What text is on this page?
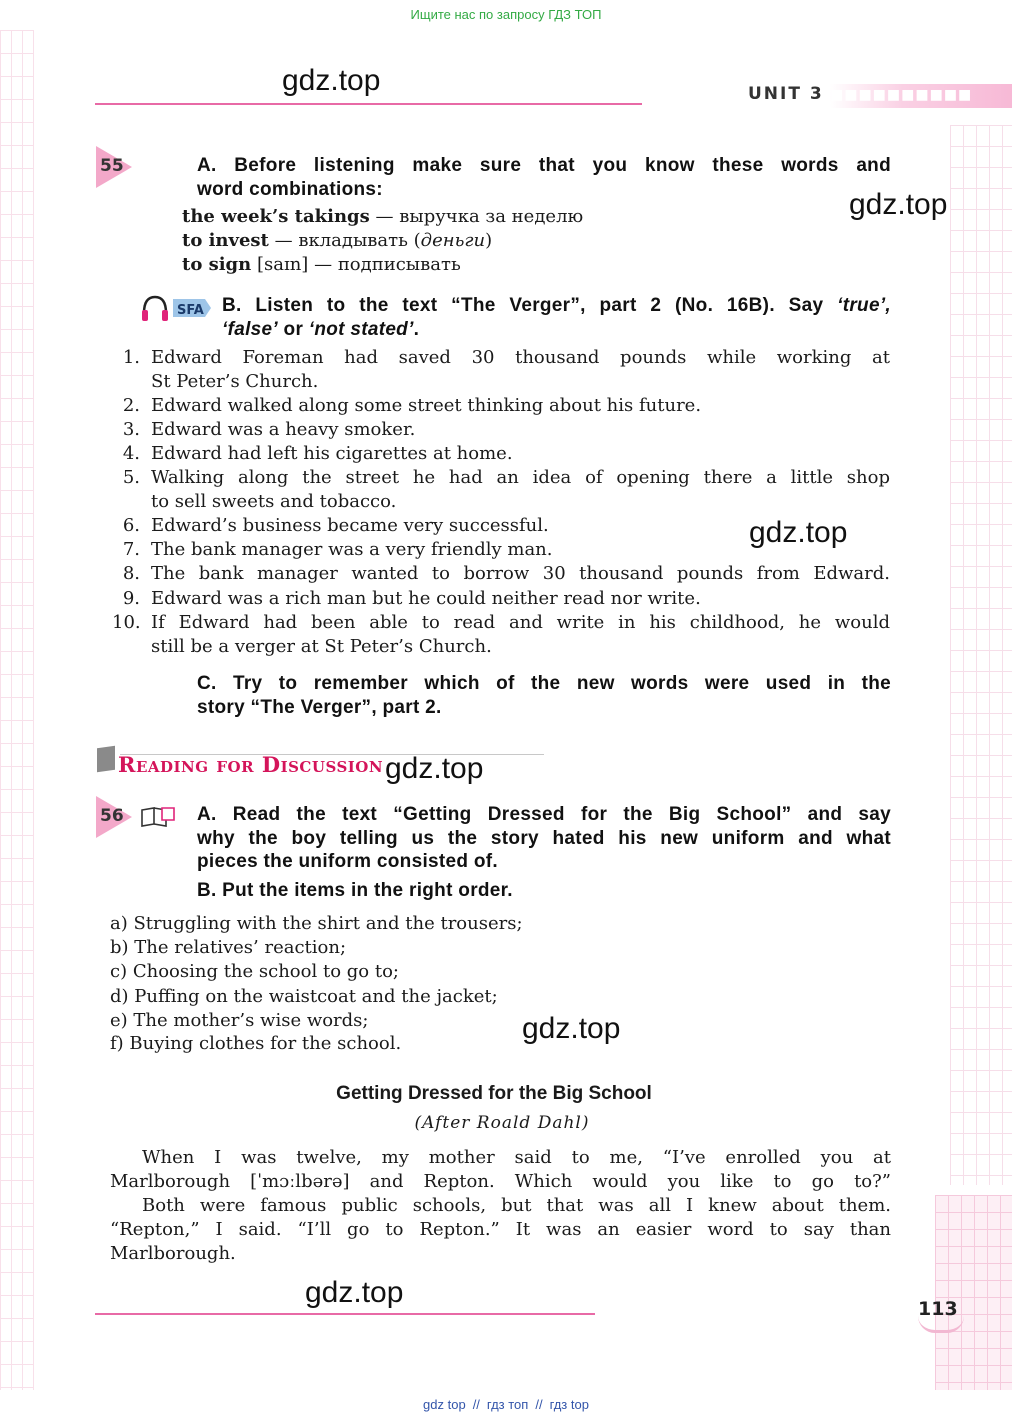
Ищите нас по запросу ГДЗ ТОП
gdz.top	■■■■■■■■■■
UNIT 3
55	A. Before listening make sure that you know these words and
word combinations:	gdz.top
the week’s takings — выручка за неделю
to invest — вкладывать (деньги)
to sign [saɪn] — подписывать
SFA B. Listen to the text “The Verger”, part 2 (No. 16B). Say ‘true’,
‘false’ or ‘not stated’.
1. Edward Foreman had saved 30 thousand pounds while working at
St Peter’s Church.
2. Edward walked along some street thinking about his future.
3. Edward was a heavy smoker.
4. Edward had left his cigarettes at home.
5. Walking along the street he had an idea of opening there a little shop
to sell sweets and tobacco.
6. Edward’s business became very successful.	gdz.top
7. The bank manager was a very friendly man.
8. The bank manager wanted to borrow 30 thousand pounds from Edward.
9. Edward was a rich man but he could neither read nor write.
10. If Edward had been able to read and write in his childhood, he would
still be a verger at St Peter’s Church.
C. Try to remember which of the new words were used in the
story “The Verger”, part 2.
Reading for Discussion gdz.top
56	A. Read the text “Getting Dressed for the Big School” and say
why the boy telling us the story hated his new uniform and what
pieces the uniform consisted of.
B. Put the items in the right order.
a) Struggling with the shirt and the trousers;
b) The relatives’ reaction;
c) Choosing the school to go to;
d) Puffing on the waistcoat and the jacket;
e) The mother’s wise words;
f) Buying clothes for the school.	gdz.top
Getting Dressed for the Big School
(After Roald Dahl)
When I was twelve, my mother said to me, “I’ve enrolled you at
Marlborough [ˈmɔːlbərə] and Repton. Which would you like to go to?”
Both were famous public schools, but that was all I knew about them.
“Repton,” I said. “I’ll go to Repton.” It was an easier word to say than
Marlborough.
gdz.top	113
gdz top // гдз топ // гдз top
